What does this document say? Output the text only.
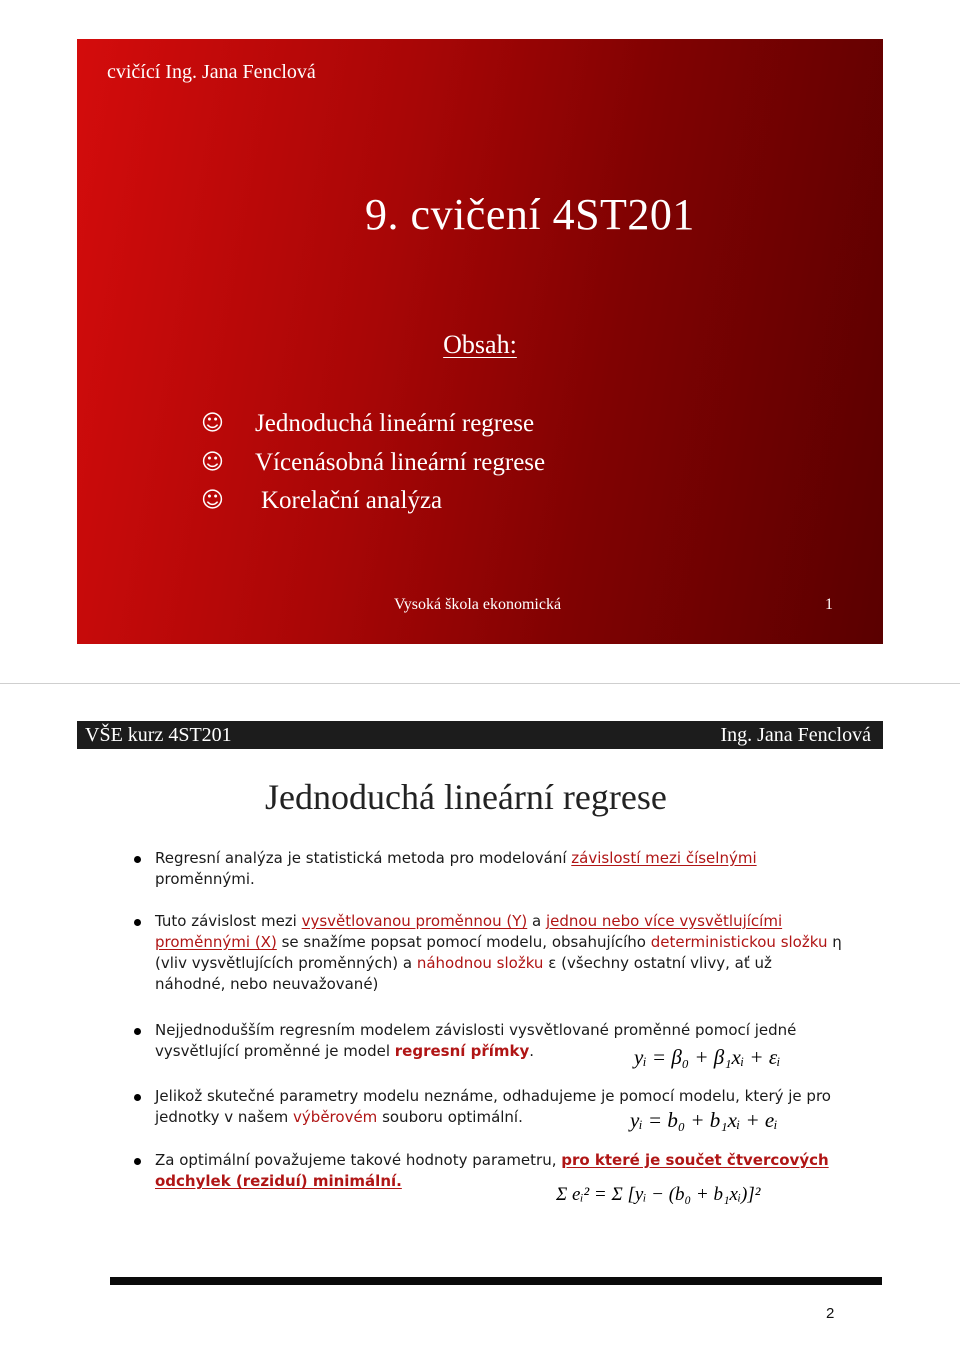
cvičící Ing. Jana Fenclová
9. cvičení 4ST201
Obsah:
☺	Jednoduchá lineární regrese
☺	Vícenásobná lineární regrese
☺	Korelační analýza
Vysoká škola ekonomická	1
VŠE kurz 4ST201	Ing. Jana Fenclová
Jednoduchá lineární regrese
Regresní analýza je statistická metoda pro modelování závislostí mezi číselnými proměnnými.
Tuto závislost mezi vysvětlovanou proměnnou (Y) a jednou nebo více vysvětlujícími proměnnými (X) se snažíme popsat pomocí modelu, obsahujícího deterministickou složku η (vliv vysvětlujících proměnných) a náhodnou složku ε (všechny ostatní vlivy, ať už náhodné, nebo neuvažované)
Nejjednodušším regresním modelem závislosti vysvětlované proměnné pomocí jedné vysvětlující proměnné je model regresní přímky.
Jelikož skutečné parametry modelu neznáme, odhadujeme je pomocí modelu, který je pro jednotky v našem výběrovém souboru optimální.
Za optimální považujeme takové hodnoty parametru, pro které je součet čtvercových odchylek (reziduí) minimální.
yᵢ = β₀ + β₁xᵢ + εᵢ
yᵢ = b₀ + b₁xᵢ + eᵢ
Σ eᵢ² = Σ [yᵢ − (b₀ + b₁xᵢ)]²
2
